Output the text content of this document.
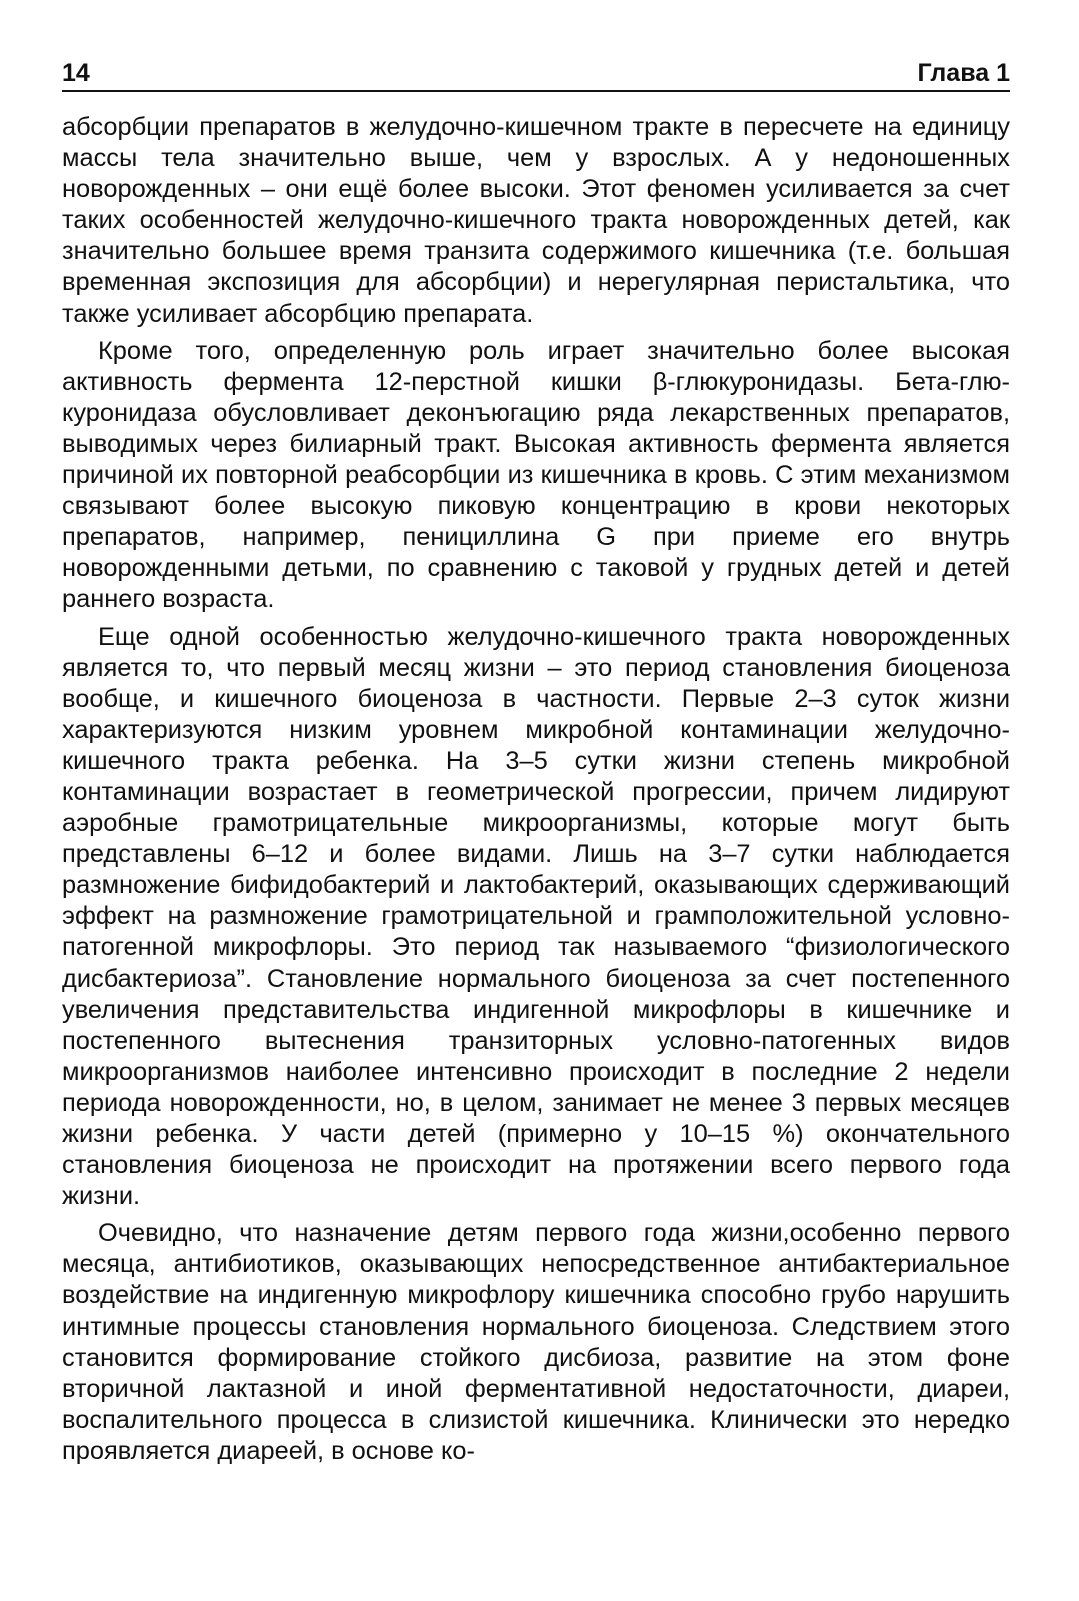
14	Глава 1

абсорбции препаратов в желудочно-кишечном тракте в пересчете на единицу массы тела значительно выше, чем у взрослых. А у недоношенных новорожденных – они ещё более высоки. Этот феномен усиливается за счет таких особенностей желудочно-кишечного тракта новорожденных детей, как значительно большее время транзита содержимого кишечника (т.е. большая временная экспозиция для абсорбции) и нерегулярная перистальтика, что также усиливает абсорбцию препарата.

Кроме того, определенную роль играет значительно более высокая активность фермента 12-перстной кишки β-глюкуронидазы. Бета-глюкуронидаза обусловливает деконъюгацию ряда лекарственных препаратов, выводимых через билиарный тракт. Высокая активность фермента является причиной их повторной реабсорбции из кишечника в кровь. С этим механизмом связывают более высокую пиковую концентрацию в крови некоторых препаратов, например, пенициллина G при приеме его внутрь новорожденными детьми, по сравнению с таковой у грудных детей и детей раннего возраста.

Еще одной особенностью желудочно-кишечного тракта новорожденных является то, что первый месяц жизни – это период становления биоценоза вообще, и кишечного биоценоза в частности. Первые 2–3 суток жизни характеризуются низким уровнем микробной контаминации желудочно-кишечного тракта ребенка. На 3–5 сутки жизни степень микробной контаминации возрастает в геометрической прогрессии, причем лидируют аэробные грамотрицательные микроорганизмы, которые могут быть представлены 6–12 и более видами. Лишь на 3–7 сутки наблюдается размножение бифидобактерий и лактобактерий, оказывающих сдерживающий эффект на размножение грамотрицательной и грамположительной условно-патогенной микрофлоры. Это период так называемого “физиологического дисбактериоза”. Становление нормального биоценоза за счет постепенного увеличения представительства индигенной микрофлоры в кишечнике и постепенного вытеснения транзиторных условно-патогенных видов микроорганизмов наиболее интенсивно происходит в последние 2 недели периода новорожденности, но, в целом, занимает не менее 3 первых месяцев жизни ребенка. У части детей (примерно у 10–15 %) окончательного становления биоценоза не происходит на протяжении всего первого года жизни.

Очевидно, что назначение детям первого года жизни,особенно первого месяца, антибиотиков, оказывающих непосредственное антибактериальное воздействие на индигенную микрофлору кишечника способно грубо нарушить интимные процессы становления нормального биоценоза. Следствием этого становится формирование стойкого дисбиоза, развитие на этом фоне вторичной лактазной и иной ферментативной недостаточности, диареи, воспалительного процесса в слизистой кишечника. Клинически это нередко проявляется диареей, в основе ко-
